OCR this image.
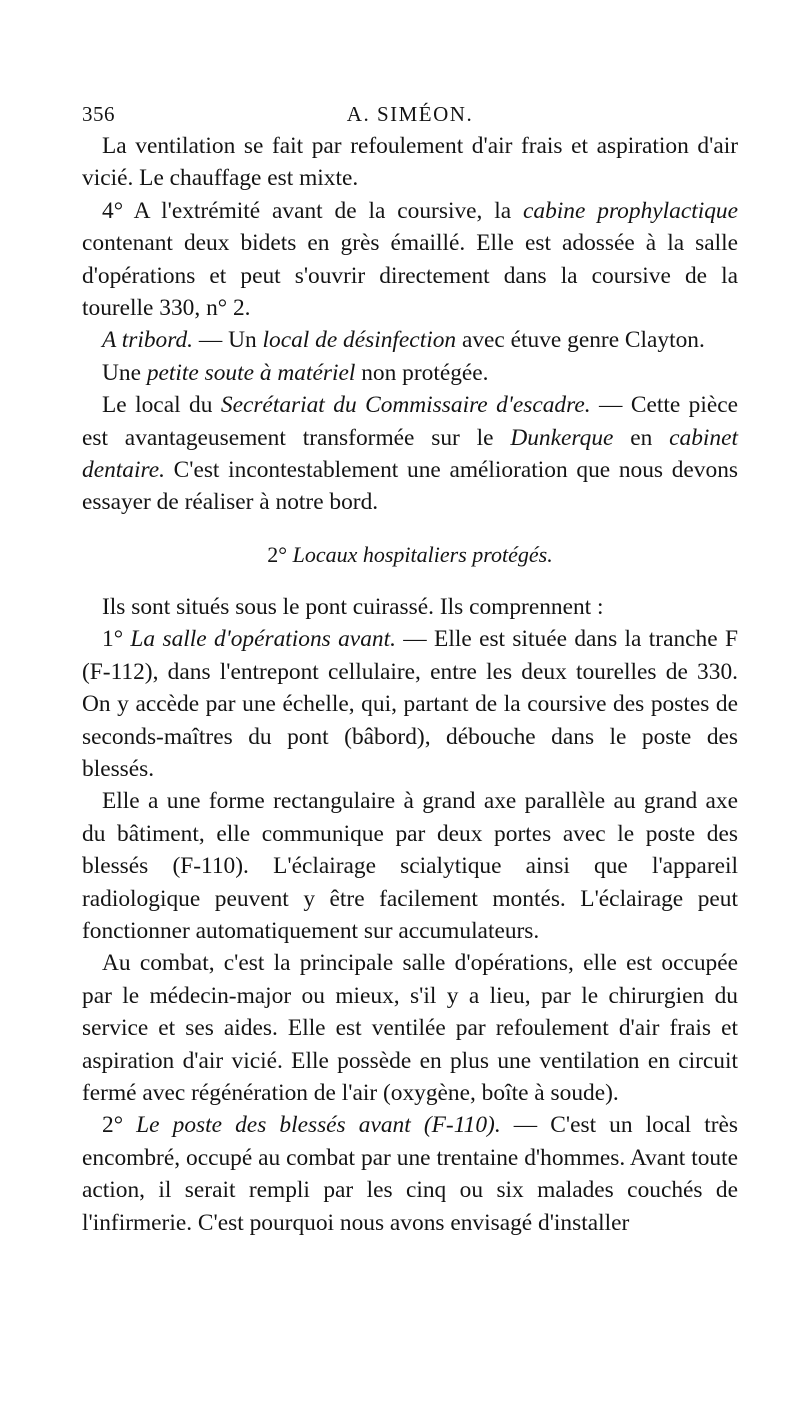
356	A. SIMÉON.

La ventilation se fait par refoulement d'air frais et aspiration d'air vicié. Le chauffage est mixte.

4° A l'extrémité avant de la coursive, la cabine prophylactique contenant deux bidets en grès émaillé. Elle est adossée à la salle d'opérations et peut s'ouvrir directement dans la coursive de la tourelle 330, n° 2.

A tribord. — Un local de désinfection avec étuve genre Clayton.

Une petite soute à matériel non protégée.

Le local du Secrétariat du Commissaire d'escadre. — Cette pièce est avantageusement transformée sur le Dunkerque en cabinet dentaire. C'est incontestablement une amélioration que nous devons essayer de réaliser à notre bord.

2° Locaux hospitaliers protégés.

Ils sont situés sous le pont cuirassé. Ils comprennent :

1° La salle d'opérations avant. — Elle est située dans la tranche F (F-112), dans l'entrepont cellulaire, entre les deux tourelles de 330. On y accède par une échelle, qui, partant de la coursive des postes de seconds-maîtres du pont (bâbord), débouche dans le poste des blessés.

Elle a une forme rectangulaire à grand axe parallèle au grand axe du bâtiment, elle communique par deux portes avec le poste des blessés (F-110). L'éclairage scialytique ainsi que l'appareil radiologique peuvent y être facilement montés. L'éclairage peut fonctionner automatiquement sur accumulateurs.

Au combat, c'est la principale salle d'opérations, elle est occupée par le médecin-major ou mieux, s'il y a lieu, par le chirurgien du service et ses aides. Elle est ventilée par refoulement d'air frais et aspiration d'air vicié. Elle possède en plus une ventilation en circuit fermé avec régénération de l'air (oxygène, boîte à soude).

2° Le poste des blessés avant (F-110). — C'est un local très encombré, occupé au combat par une trentaine d'hommes. Avant toute action, il serait rempli par les cinq ou six malades couchés de l'infirmerie. C'est pourquoi nous avons envisagé d'installer
